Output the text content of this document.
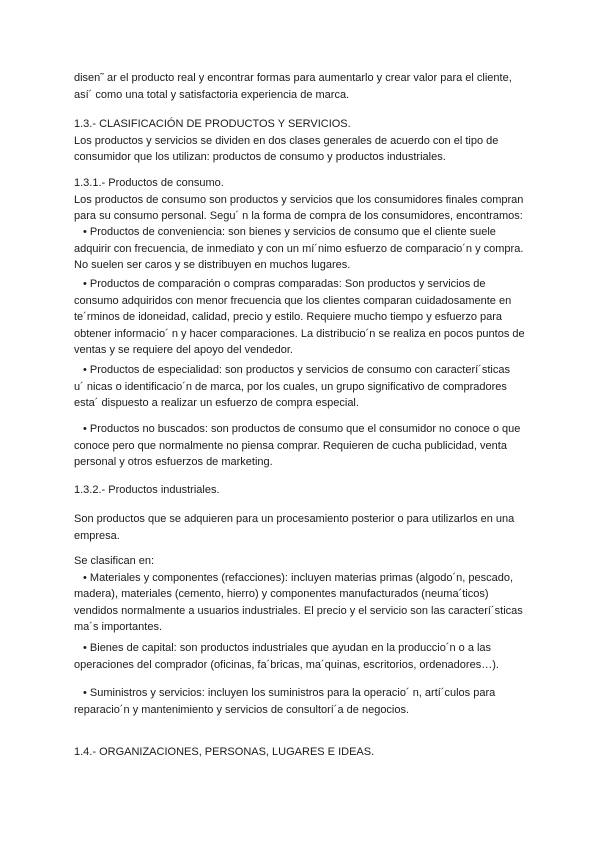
disen˜ ar el producto real y encontrar formas para aumentarlo y crear valor para el cliente,
así´ como una total y satisfactoria experiencia de marca.
1.3.- CLASIFICACIÓN DE PRODUCTOS Y SERVICIOS.
Los productos y servicios se dividen en dos clases generales de acuerdo con el tipo de
consumidor que los utilizan: productos de consumo y productos industriales.
1.3.1.- Productos de consumo.
Los productos de consumo son productos y servicios que los consumidores finales compran
para su consumo personal. Segu´ n la forma de compra de los consumidores, encontramos:
• Productos de conveniencia: son bienes y servicios de consumo que el cliente suele
adquirir con frecuencia, de inmediato y con un mí´nimo esfuerzo de comparacio´n y compra.
No suelen ser caros y se distribuyen en muchos lugares.
• Productos de comparación o compras comparadas: Son productos y servicios de
consumo adquiridos con menor frecuencia que los clientes comparan cuidadosamente en
te´rminos de idoneidad, calidad, precio y estilo. Requiere mucho tiempo y esfuerzo para
obtener informacio´ n y hacer comparaciones. La distribucio´n se realiza en pocos puntos de
ventas y se requiere del apoyo del vendedor.
• Productos de especialidad: son productos y servicios de consumo con caracterí´sticas
u´ nicas o identificacio´n de marca, por los cuales, un grupo significativo de compradores
esta´ dispuesto a realizar un esfuerzo de compra especial.
• Productos no buscados: son productos de consumo que el consumidor no conoce o que
conoce pero que normalmente no piensa comprar. Requieren de cucha publicidad, venta
personal y otros esfuerzos de marketing.
1.3.2.- Productos industriales.
Son productos que se adquieren para un procesamiento posterior o para utilizarlos en una
empresa.
Se clasifican en:
• Materiales y componentes (refacciones): incluyen materias primas (algodo´n, pescado,
madera), materiales (cemento, hierro) y componentes manufacturados (neuma´ticos)
vendidos normalmente a usuarios industriales. El precio y el servicio son las caracterí´sticas
ma´s importantes.
• Bienes de capital: son productos industriales que ayudan en la produccio´n o a las
operaciones del comprador (oficinas, fa´bricas, ma´quinas, escritorios, ordenadores…).
• Suministros y servicios: incluyen los suministros para la operacio´ n, artí´culos para
reparacio´n y mantenimiento y servicios de consultorí´a de negocios.
1.4.- ORGANIZACIONES, PERSONAS, LUGARES E IDEAS.
